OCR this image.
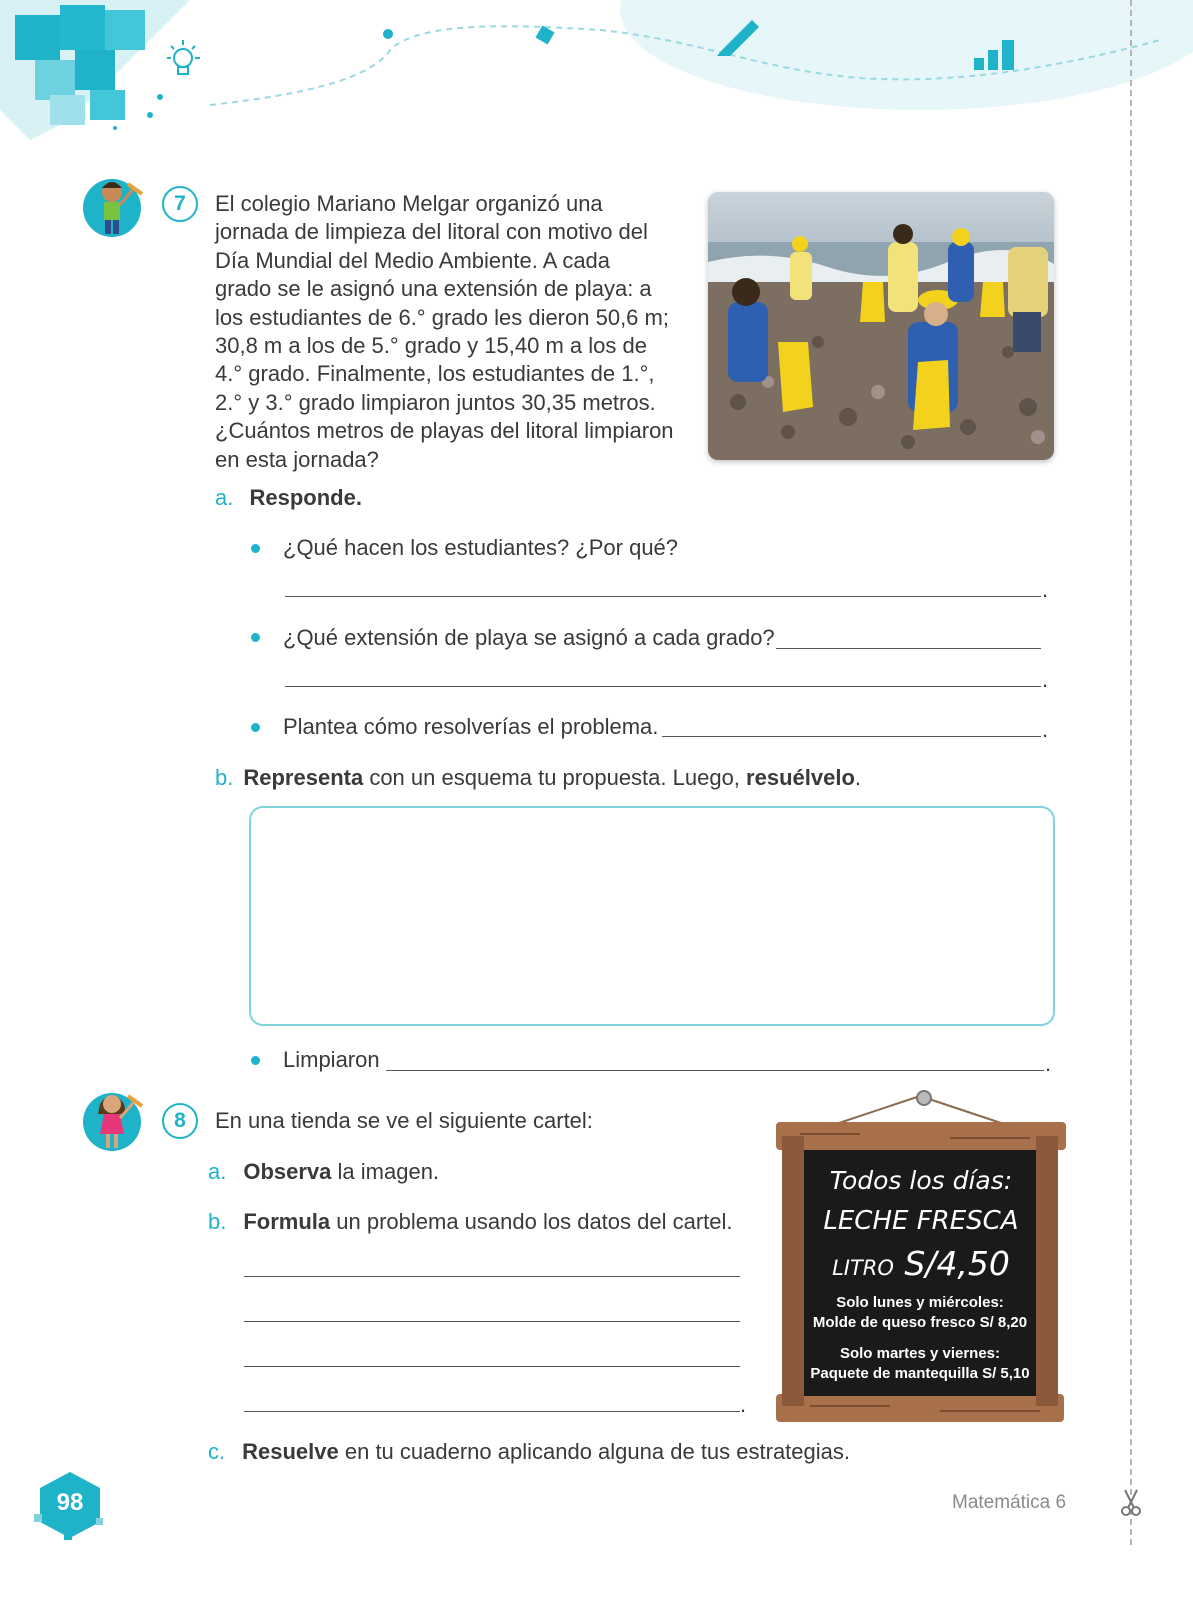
7	El colegio Mariano Melgar organizó una
jornada de limpieza del litoral con motivo del
Día Mundial del Medio Ambiente. A cada
grado se le asignó una extensión de playa: a
los estudiantes de 6.° grado les dieron 50,6 m;
30,8 m a los de 5.° grado y 15,40 m a los de
4.° grado. Finalmente, los estudiantes de 1.°,
2.° y 3.° grado limpiaron juntos 30,35 metros.
¿Cuántos metros de playas del litoral limpiaron
en esta jornada?
a. Responde.
¿Qué hacen los estudiantes? ¿Por qué?
.
¿Qué extensión de playa se asignó a cada grado?
.
Plantea cómo resolverías el problema.	.
b. Representa con un esquema tu propuesta. Luego, resuélvelo.
Limpiaron	.
8	En una tienda se ve el siguiente cartel:
a. Observa la imagen.
b. Formula un problema usando los datos del cartel.
.
Todos los días:
LECHE FRESCA
LITRO S/4,50
Solo lunes y miércoles:
Molde de queso fresco S/ 8,20
Solo martes y viernes:
Paquete de mantequilla S/ 5,10
c. Resuelve en tu cuaderno aplicando alguna de tus estrategias.
98	Matemática 6
